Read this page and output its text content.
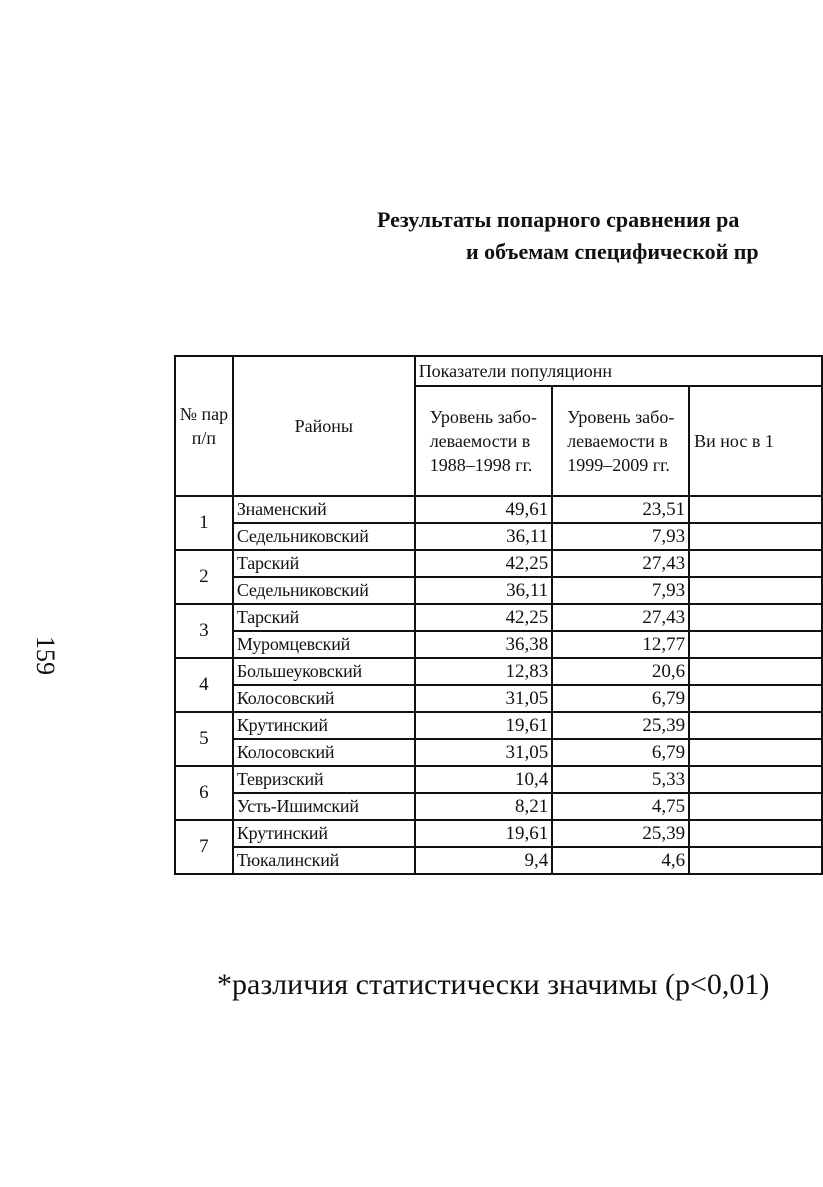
159
Результаты попарного сравнения ра
и объемам специфической пр
№ пар п/п	Районы	Показатели популяционн		
		Уровень забо-леваемости в 1988–1998 гг.	Уровень забо-леваемости в 1999–2009 гг.	Ви нос в 1
1	Знаменский	49,61	23,51	
	Седельниковский	36,11	7,93	
2	Тарский	42,25	27,43	
	Седельниковский	36,11	7,93	
3	Тарский	42,25	27,43	
	Муромцевский	36,38	12,77	
4	Большеуковский	12,83	20,6	
	Колосовский	31,05	6,79	
5	Крутинский	19,61	25,39	
	Колосовский	31,05	6,79	
6	Тевризский	10,4	5,33	
	Усть-Ишимский	8,21	4,75	
7	Крутинский	19,61	25,39	
	Тюкалинский	9,4	4,6	
*различия статистически значимы (p<0,01)
